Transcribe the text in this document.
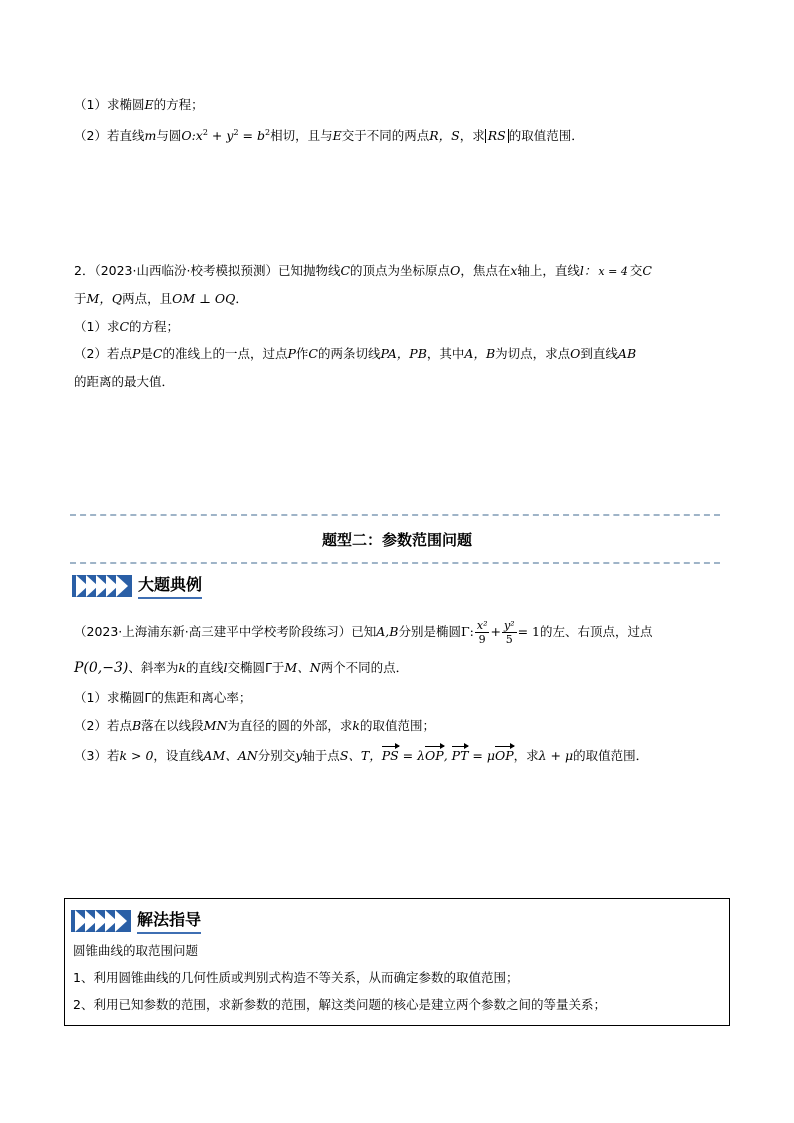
（1）求椭圆E的方程；
（2）若直线m与圆$O:x^2 + y^2 = b^2$相切，且与E交于不同的两点R，S，求 RS 的取值范围．
2．（2023·山西临汾·校考模拟预测）已知抛物线C的顶点为坐标原点O，焦点在x轴上，直线l： x = 4 交C
于M，Q两点，且OM ⊥ OQ．
（1）求C的方程；
（2）若点P是C的准线上的一点，过点P作C的两条切线PA，PB，其中A，B为切点，求点O到直线AB
的距离的最大值．
题型二：参数范围问题
大题典例
（2023·上海浦东新·高三建平中学校考阶段练习）已知A,B分别是椭圆Γ: $\frac{\text{x²}}{9} + \frac{\text{y²}}{5} = 1$的左、右顶点，过点
P(0,−3)、斜率为k的直线l交椭圆Γ于M、N两个不同的点．
（1）求椭圆Γ的焦距和离心率；
（2）若点B落在以线段MN为直径的圆的外部，求k的取值范围；
（3）若k > 0，设直线AM、AN分别交y轴于点S、T，PS = λOP, PT = μOP，求λ + μ的取值范围．
解法指导
圆锥曲线的取范围问题
1、利用圆锥曲线的几何性质或判别式构造不等关系，从而确定参数的取值范围；
2、利用已知参数的范围，求新参数的范围，解这类问题的核心是建立两个参数之间的等量关系；
